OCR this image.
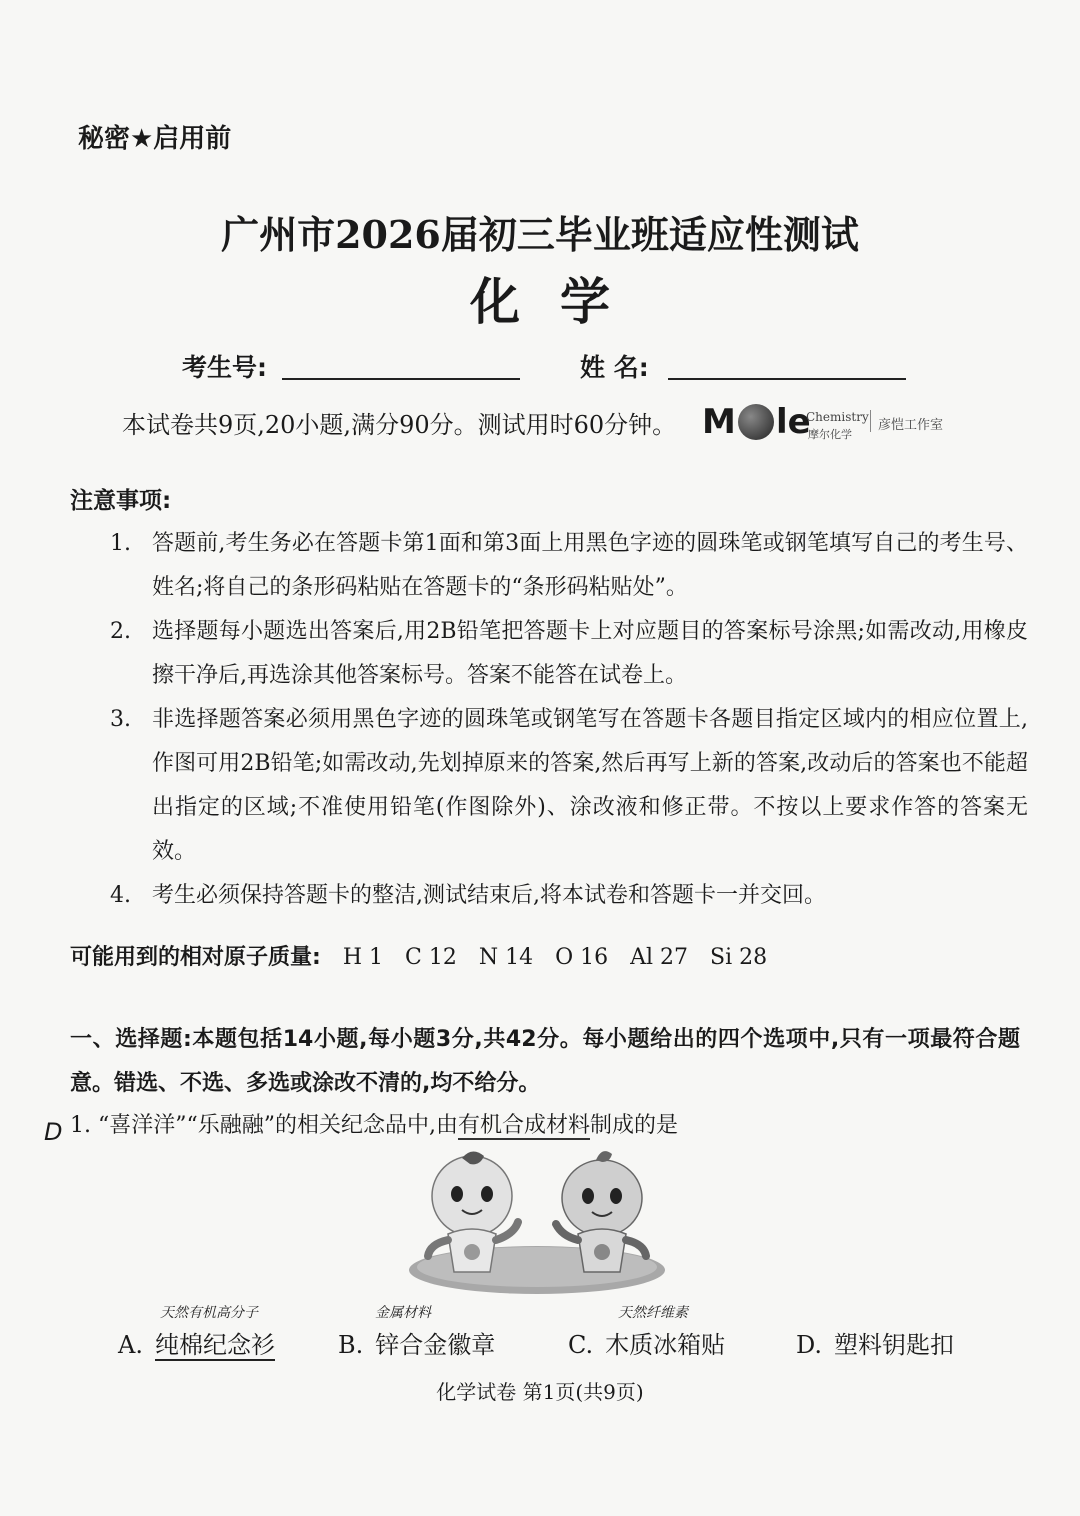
秘密★启用前
广州市2026届初三毕业班适应性测试
化学
考生号:	姓 名:
本试卷共9页,20小题,满分90分。测试用时60分钟。 M le
Chemistry
摩尔化学
彦恺工作室
注意事项:
1. 答题前,考生务必在答题卡第1面和第3面上用黑色字迹的圆珠笔或钢笔填写自己的考生号、姓名;将自己的条形码粘贴在答题卡的“条形码粘贴处”。
2. 选择题每小题选出答案后,用2B铅笔把答题卡上对应题目的答案标号涂黑;如需改动,用橡皮擦干净后,再选涂其他答案标号。答案不能答在试卷上。
3. 非选择题答案必须用黑色字迹的圆珠笔或钢笔写在答题卡各题目指定区域内的相应位置上,作图可用2B铅笔;如需改动,先划掉原来的答案,然后再写上新的答案,改动后的答案也不能超出指定的区域;不准使用铅笔(作图除外)、涂改液和修正带。不按以上要求作答的答案无效。
4. 考生必须保持答题卡的整洁,测试结束后,将本试卷和答题卡一并交回。
可能用到的相对原子质量: H 1 C 12 N 14 O 16 Al 27 Si 28
一、选择题:本题包括14小题,每小题3分,共42分。每小题给出的四个选项中,只有一项最符合题意。错选、不选、多选或涂改不清的,均不给分。
D 1. “喜洋洋”“乐融融”的相关纪念品中,由有机合成材料制成的是
天然有机高分子	金属材料	天然纤维素
A. 纯棉纪念衫	B. 锌合金徽章	C. 木质冰箱贴	D. 塑料钥匙扣
化学试卷 第1页(共9页)
